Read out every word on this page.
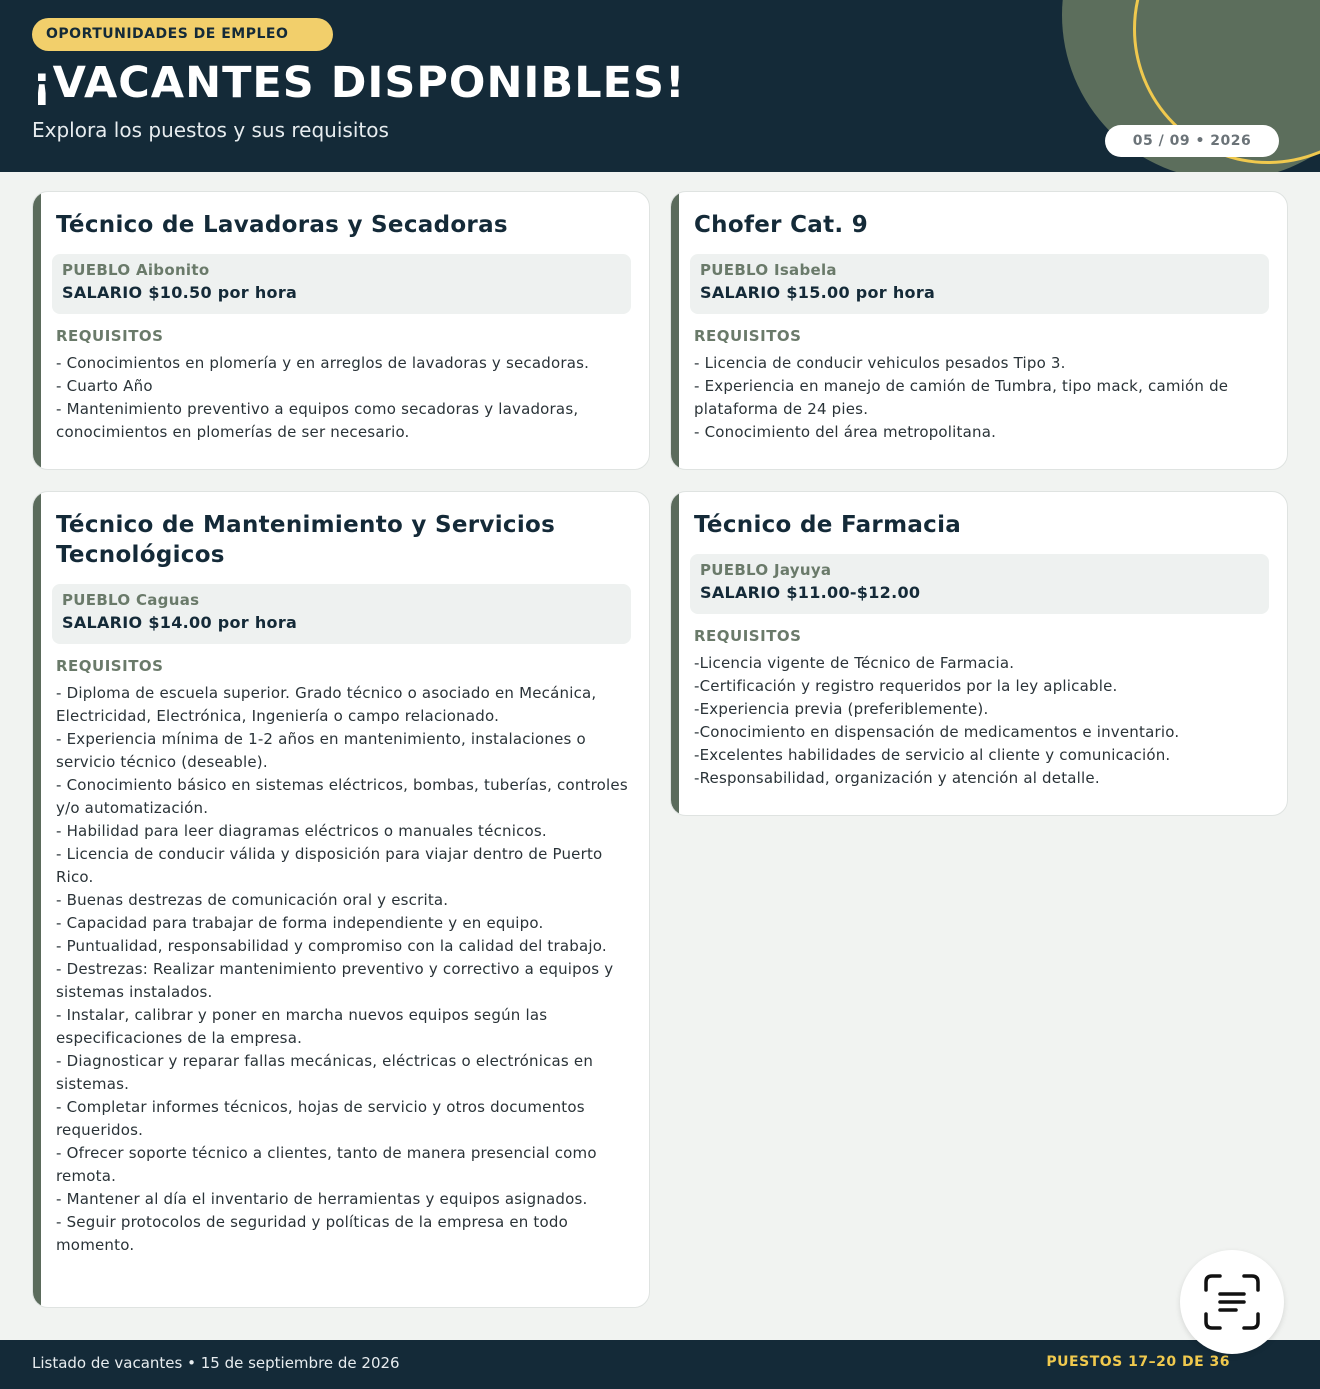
OPORTUNIDADES DE EMPLEO
¡VACANTES DISPONIBLES!
Explora los puestos y sus requisitos	05 / 09 • 2026
Técnico de Lavadoras y Secadoras
PUEBLO Aibonito
SALARIO $10.50 por hora
REQUISITOS
- Conocimientos en plomería y en arreglos de lavadoras y secadoras.
- Cuarto Año
- Mantenimiento preventivo a equipos como secadoras y lavadoras, conocimientos en plomerías de ser necesario.
Chofer Cat. 9
PUEBLO Isabela
SALARIO $15.00 por hora
REQUISITOS
- Licencia de conducir vehiculos pesados Tipo 3.
- Experiencia en manejo de camión de Tumbra, tipo mack, camión de plataforma de 24 pies.
- Conocimiento del área metropolitana.
Técnico de Mantenimiento y Servicios Tecnológicos
PUEBLO Caguas
SALARIO $14.00 por hora
REQUISITOS
- Diploma de escuela superior. Grado técnico o asociado en Mecánica, Electricidad, Electrónica, Ingeniería o campo relacionado.
- Experiencia mínima de 1-2 años en mantenimiento, instalaciones o servicio técnico (deseable).
- Conocimiento básico en sistemas eléctricos, bombas, tuberías, controles y/o automatización.
- Habilidad para leer diagramas eléctricos o manuales técnicos.
- Licencia de conducir válida y disposición para viajar dentro de Puerto Rico.
- Buenas destrezas de comunicación oral y escrita.
- Capacidad para trabajar de forma independiente y en equipo.
- Puntualidad, responsabilidad y compromiso con la calidad del trabajo.
- Destrezas: Realizar mantenimiento preventivo y correctivo a equipos y sistemas instalados.
- Instalar, calibrar y poner en marcha nuevos equipos según las especificaciones de la empresa.
- Diagnosticar y reparar fallas mecánicas, eléctricas o electrónicas en sistemas.
- Completar informes técnicos, hojas de servicio y otros documentos requeridos.
- Ofrecer soporte técnico a clientes, tanto de manera presencial como remota.
- Mantener al día el inventario de herramientas y equipos asignados.
- Seguir protocolos de seguridad y políticas de la empresa en todo momento.
Técnico de Farmacia
PUEBLO Jayuya
SALARIO $11.00-$12.00
REQUISITOS
-Licencia vigente de Técnico de Farmacia.
-Certificación y registro requeridos por la ley aplicable.
-Experiencia previa (preferiblemente).
-Conocimiento en dispensación de medicamentos e inventario.
-Excelentes habilidades de servicio al cliente y comunicación.
-Responsabilidad, organización y atención al detalle.
Listado de vacantes • 15 de septiembre de 2026	PUESTOS 17–20 DE 36
